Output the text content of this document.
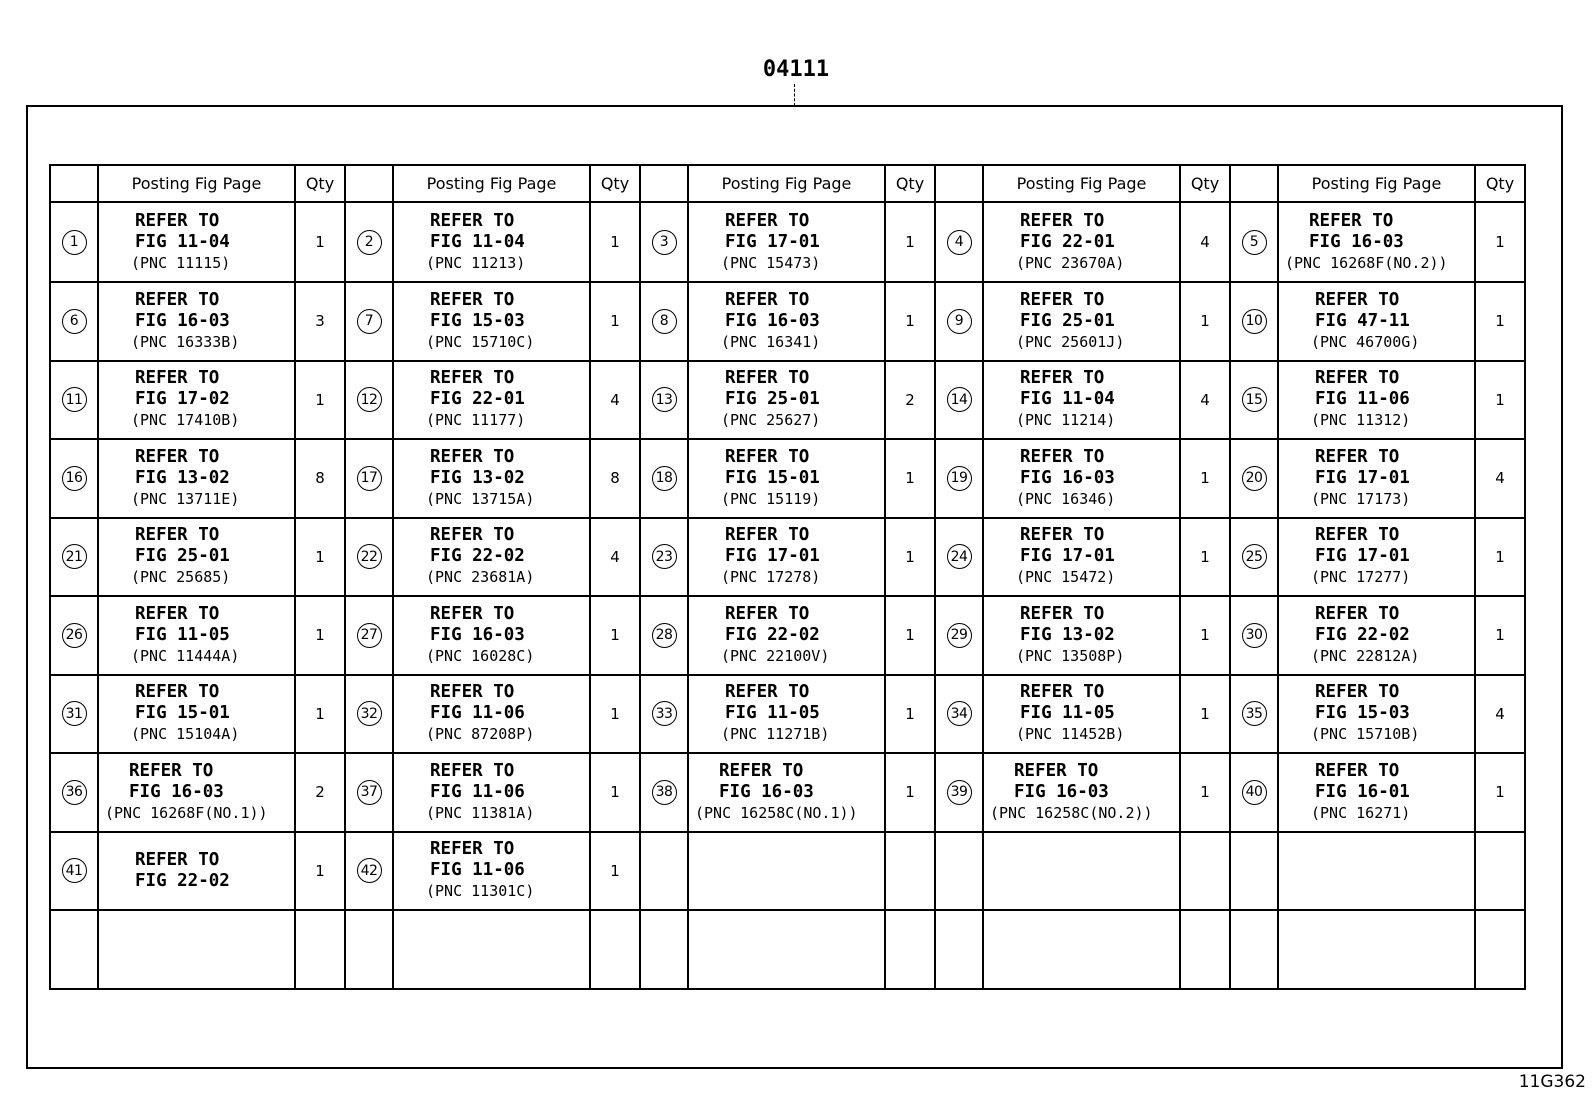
04111
	Posting Fig Page	Qty		Posting Fig Page	Qty		Posting Fig Page	Qty		Posting Fig Page	Qty		Posting Fig Page	Qty
1	REFER TO
FIG 11-04
(PNC 11115)	1	2	REFER TO
FIG 11-04
(PNC 11213)	1	3	REFER TO
FIG 17-01
(PNC 15473)	1	4	REFER TO
FIG 22-01
(PNC 23670A)	4	5	REFER TO
FIG 16-03
(PNC 16268F(NO.2))	1
6	REFER TO
FIG 16-03
(PNC 16333B)	3	7	REFER TO
FIG 15-03
(PNC 15710C)	1	8	REFER TO
FIG 16-03
(PNC 16341)	1	9	REFER TO
FIG 25-01
(PNC 25601J)	1	10	REFER TO
FIG 47-11
(PNC 46700G)	1
11	REFER TO
FIG 17-02
(PNC 17410B)	1	12	REFER TO
FIG 22-01
(PNC 11177)	4	13	REFER TO
FIG 25-01
(PNC 25627)	2	14	REFER TO
FIG 11-04
(PNC 11214)	4	15	REFER TO
FIG 11-06
(PNC 11312)	1
16	REFER TO
FIG 13-02
(PNC 13711E)	8	17	REFER TO
FIG 13-02
(PNC 13715A)	8	18	REFER TO
FIG 15-01
(PNC 15119)	1	19	REFER TO
FIG 16-03
(PNC 16346)	1	20	REFER TO
FIG 17-01
(PNC 17173)	4
21	REFER TO
FIG 25-01
(PNC 25685)	1	22	REFER TO
FIG 22-02
(PNC 23681A)	4	23	REFER TO
FIG 17-01
(PNC 17278)	1	24	REFER TO
FIG 17-01
(PNC 15472)	1	25	REFER TO
FIG 17-01
(PNC 17277)	1
26	REFER TO
FIG 11-05
(PNC 11444A)	1	27	REFER TO
FIG 16-03
(PNC 16028C)	1	28	REFER TO
FIG 22-02
(PNC 22100V)	1	29	REFER TO
FIG 13-02
(PNC 13508P)	1	30	REFER TO
FIG 22-02
(PNC 22812A)	1
31	REFER TO
FIG 15-01
(PNC 15104A)	1	32	REFER TO
FIG 11-06
(PNC 87208P)	1	33	REFER TO
FIG 11-05
(PNC 11271B)	1	34	REFER TO
FIG 11-05
(PNC 11452B)	1	35	REFER TO
FIG 15-03
(PNC 15710B)	4
36	REFER TO
FIG 16-03
(PNC 16268F(NO.1))	2	37	REFER TO
FIG 11-06
(PNC 11381A)	1	38	REFER TO
FIG 16-03
(PNC 16258C(NO.1))	1	39	REFER TO
FIG 16-03
(PNC 16258C(NO.2))	1	40	REFER TO
FIG 16-01
(PNC 16271)	1
41	REFER TO
FIG 22-02	1	42	REFER TO
FIG 11-06
(PNC 11301C)	1									

11G362
